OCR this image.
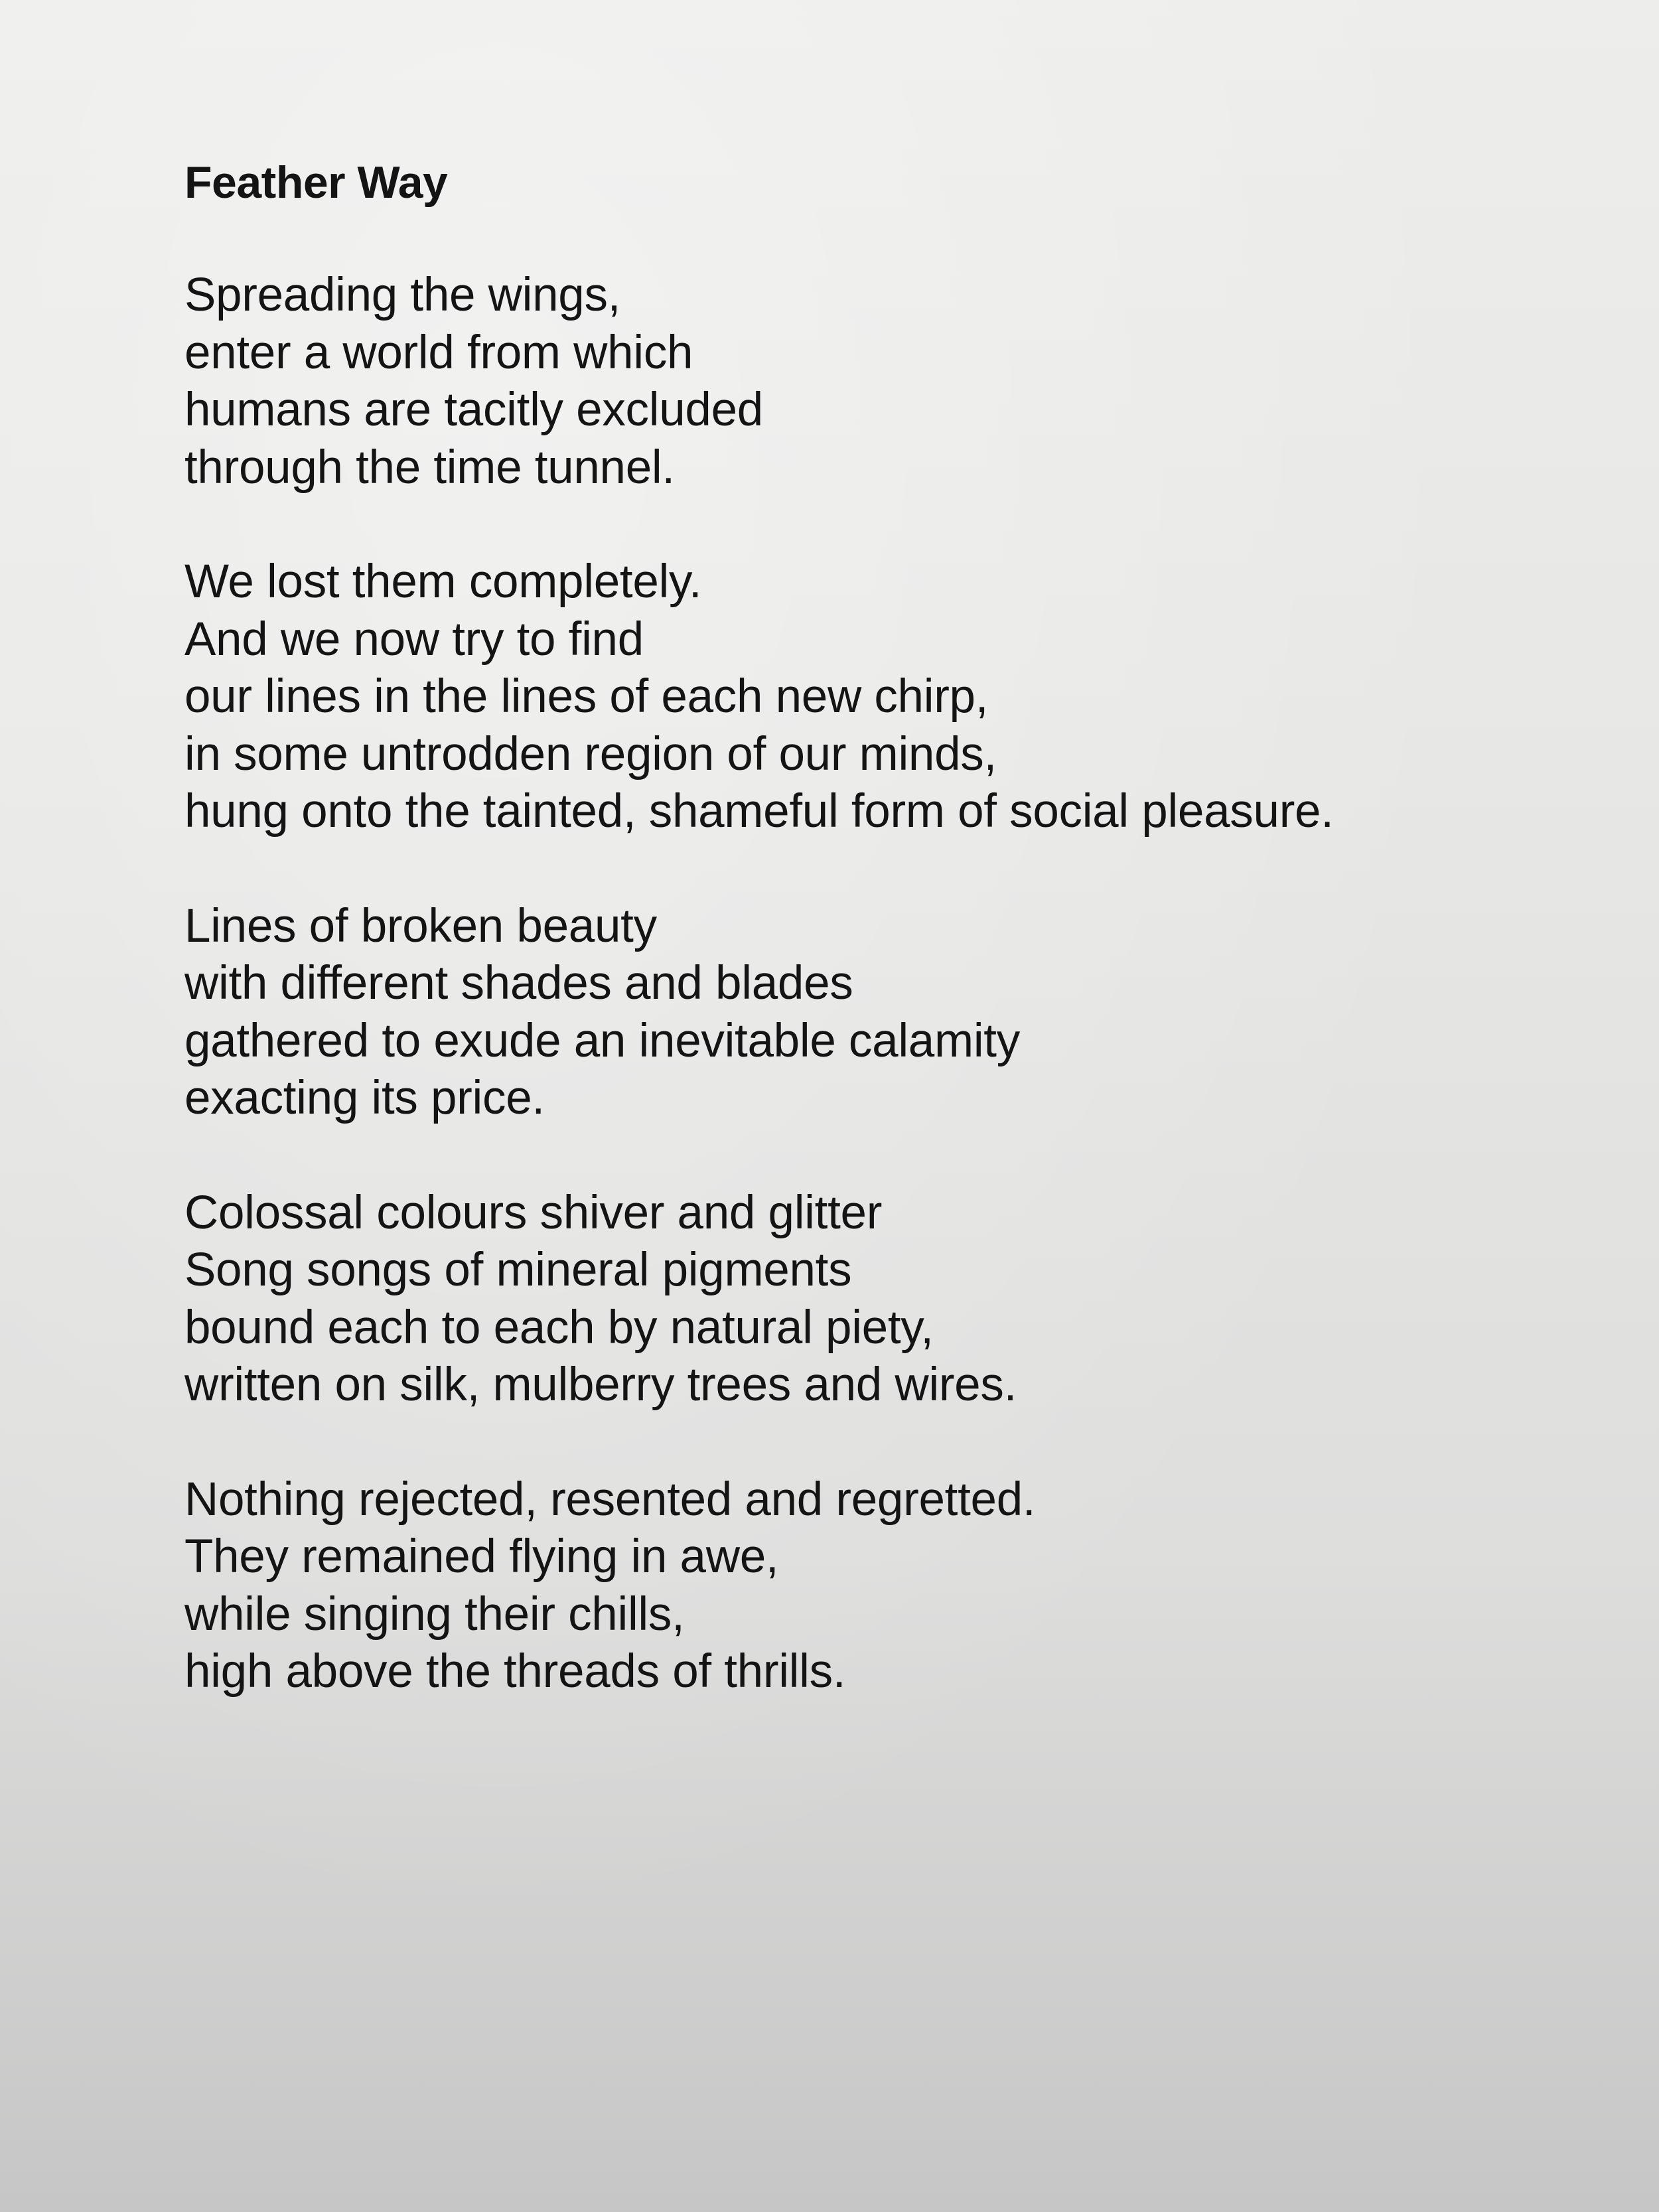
Feather Way
Spreading the wings,
enter a world from which
humans are tacitly excluded
through the time tunnel.
We lost them completely.
And we now try to find
our lines in the lines of each new chirp,
in some untrodden region of our minds,
hung onto the tainted, shameful form of social pleasure.
Lines of broken beauty
with different shades and blades
gathered to exude an inevitable calamity
exacting its price.
Colossal colours shiver and glitter
Song songs of mineral pigments
bound each to each by natural piety,
written on silk, mulberry trees and wires.
Nothing rejected, resented and regretted.
They remained flying in awe,
while singing their chills,
high above the threads of thrills.
